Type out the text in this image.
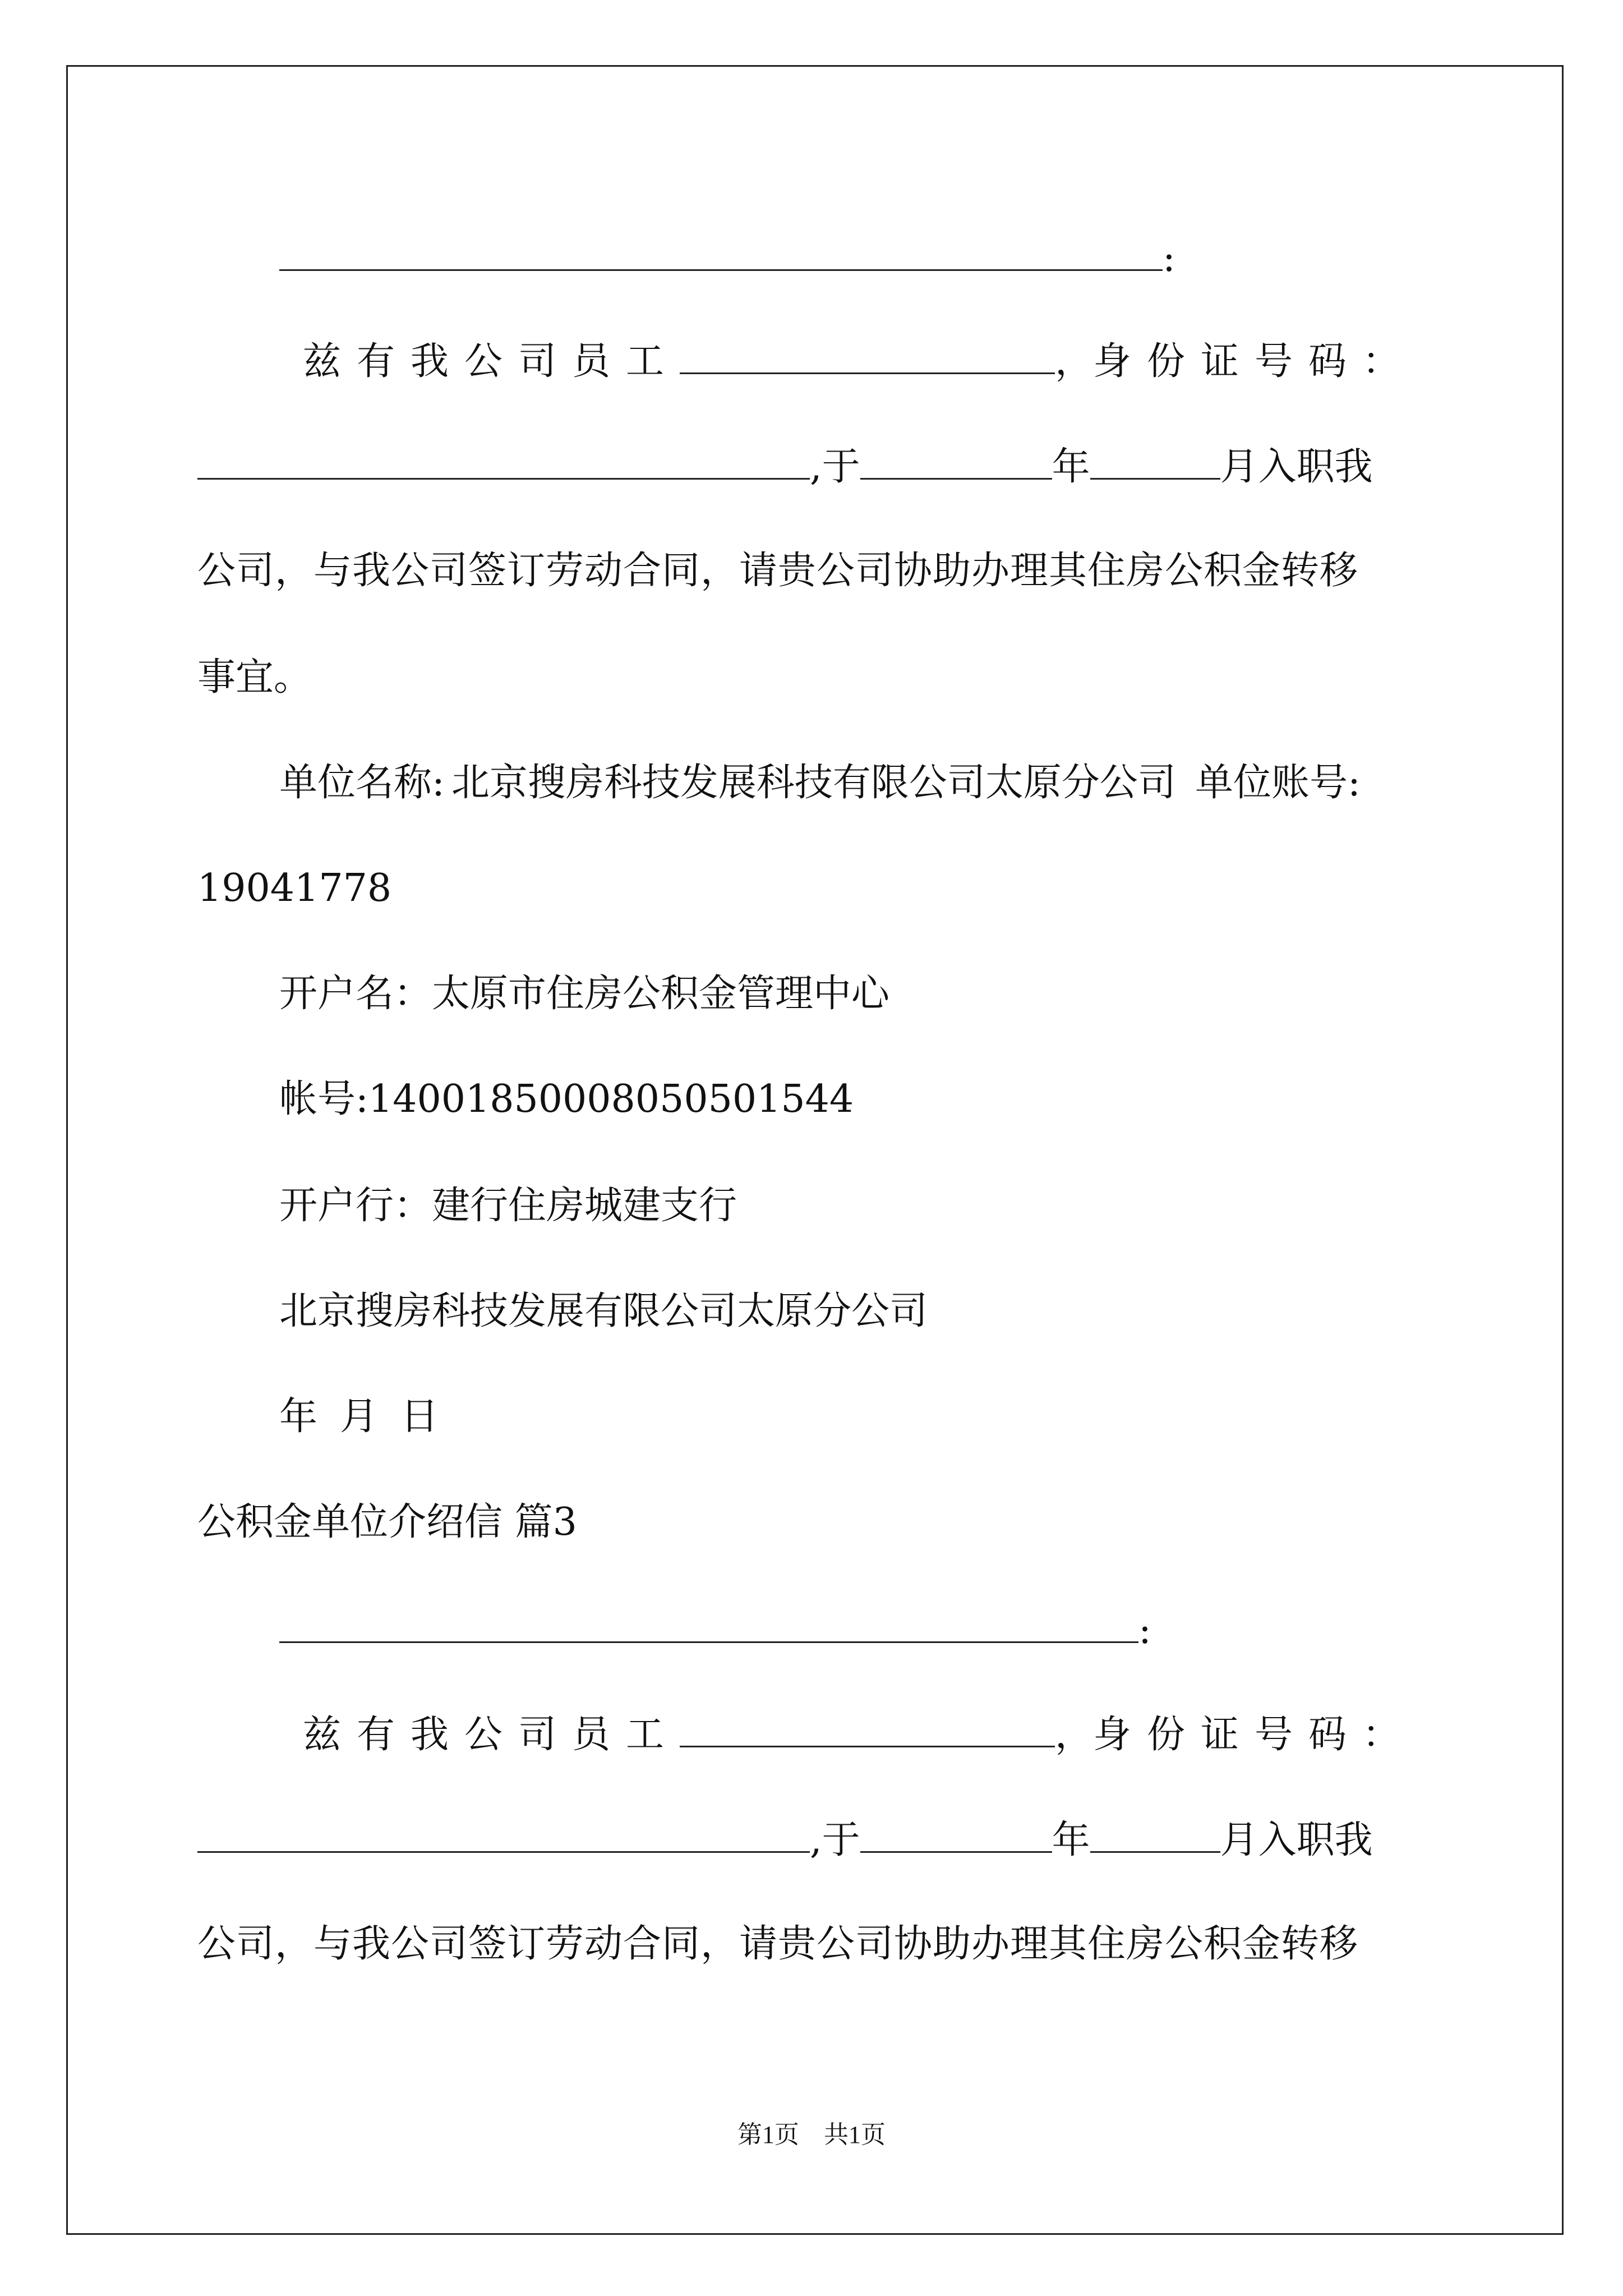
:
兹有我公司员工	， 身份证号码：
,于	年	月入职我
公司，与我公司签订劳动合同，请贵公司协助办理其住房公积金转移
事宜。
单位名称: 北京搜房科技发展科技有限公司太原分公司 单位账号:
19041778
开户名：太原市住房公积金管理中心
帐号:14001850008050501544
开户行：建行住房城建支行
北京搜房科技发展有限公司太原分公司
年 月 日
公积金单位介绍信 篇3
:
兹有我公司员工	， 身份证号码：
,于	年	月入职我
公司，与我公司签订劳动合同，请贵公司协助办理其住房公积金转移
第1页　共1页
